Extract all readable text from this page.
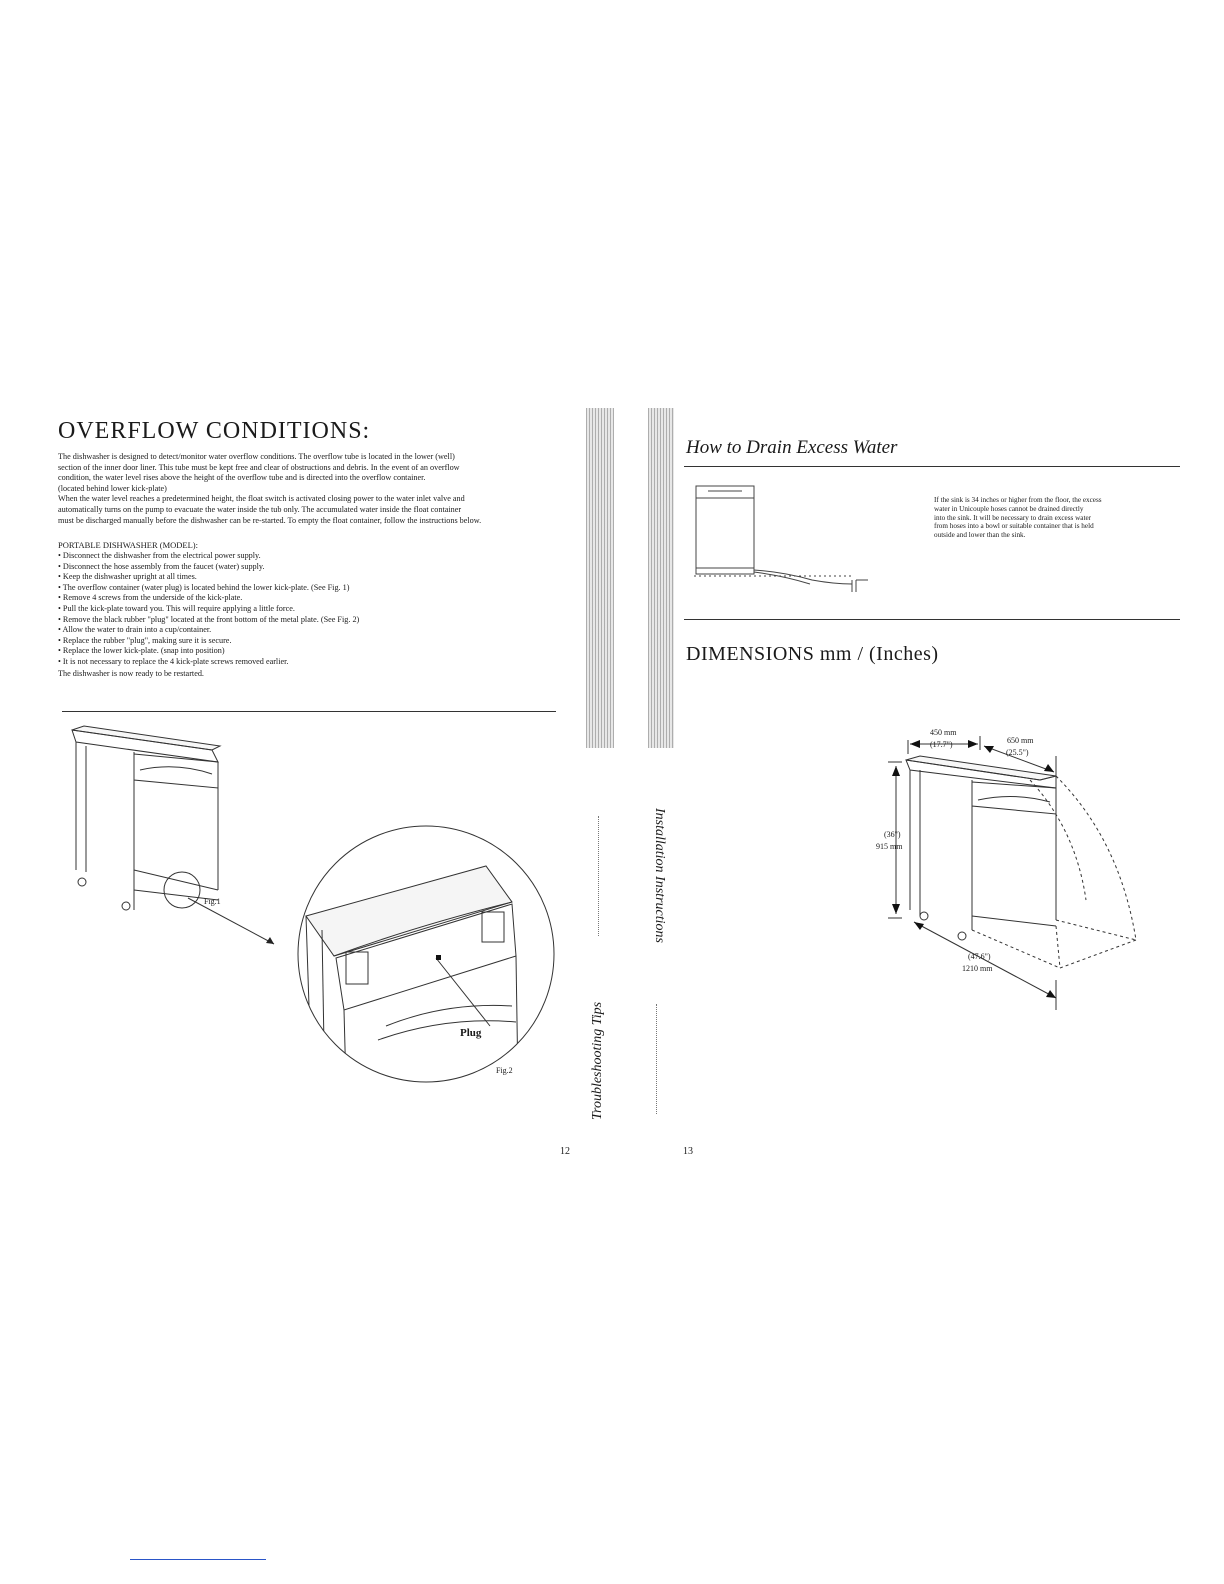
OVERFLOW CONDITIONS:

The dishwasher is designed to detect/monitor water overflow conditions. The overflow tube is located in the lower (well)

section of the inner door liner. This tube must be kept free and clear of obstructions and debris. In the event of an overflow

condition, the water level rises above the height of the overflow tube and is directed into the overflow container.

(located behind lower kick-plate)

When the water level reaches a predetermined height, the float switch is activated closing power to the water inlet valve and

automatically turns on the pump to evacuate the water inside the tub only. The accumulated water inside the float container

must be discharged manually before the dishwasher can be re-started. To empty the float container, follow the instructions below.

PORTABLE DISHWASHER (MODEL):
• Disconnect the dishwasher from the electrical power supply.
• Disconnect the hose assembly from the faucet (water) supply.
• Keep the dishwasher upright at all times.
• The overflow container (water plug) is located behind the lower kick-plate. (See Fig. 1)
• Remove 4 screws from the underside of the kick-plate.
• Pull the kick-plate toward you. This will require applying a little force.
• Remove the black rubber "plug" located at the front bottom of the metal plate. (See Fig. 2)
• Allow the water to drain into a cup/container.
• Replace the rubber "plug", making sure it is secure.
• Replace the lower kick-plate. (snap into position)
• It is not necessary to replace the 4 kick-plate screws removed earlier.
The dishwasher is now ready to be restarted.
Fig.1
Plug
Fig.2
12
Installation Instructions
Troubleshooting Tips
How to Drain Excess Water
If the sink is 34 inches or higher from the floor, the excess
water in Unicouple hoses cannot be drained directly
into the sink. It will be necessary to drain excess water
from hoses into a bowl or suitable container that is held
outside and lower than the sink.
DIMENSIONS mm / (Inches)
450 mm
(17.7")	650 mm
(25.5")
(36")
915 mm
(47.6")
1210 mm
13
